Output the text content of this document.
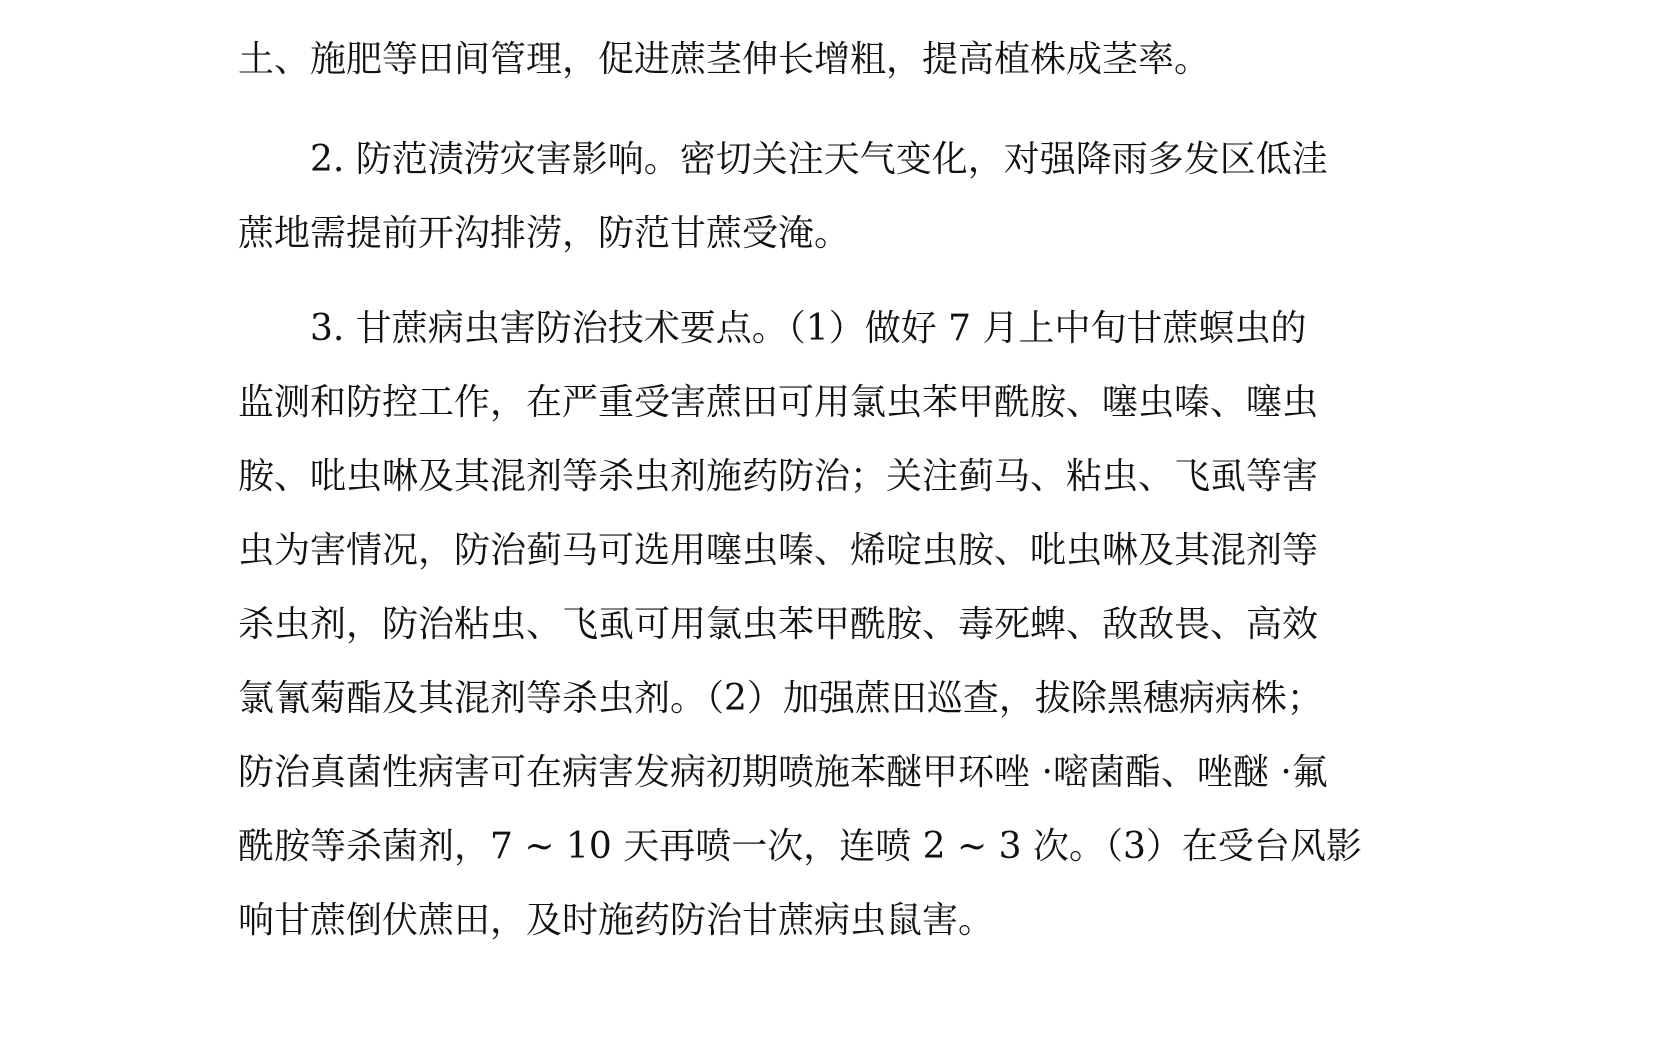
土、施肥等田间管理，促进蔗茎伸长增粗，提高植株成茎率。

2. 防范渍涝灾害影响。密切关注天气变化，对强降雨多发区低洼

蔗地需提前开沟排涝，防范甘蔗受淹。

3. 甘蔗病虫害防治技术要点。（1）做好 7 月上中旬甘蔗螟虫的

监测和防控工作，在严重受害蔗田可用氯虫苯甲酰胺、噻虫嗪、噻虫

胺、吡虫啉及其混剂等杀虫剂施药防治；关注蓟马、粘虫、飞虱等害

虫为害情况，防治蓟马可选用噻虫嗪、烯啶虫胺、吡虫啉及其混剂等

杀虫剂，防治粘虫、飞虱可用氯虫苯甲酰胺、毒死蜱、敌敌畏、高效

氯氰菊酯及其混剂等杀虫剂。（2）加强蔗田巡查，拔除黑穗病病株；

防治真菌性病害可在病害发病初期喷施苯醚甲环唑 ·嘧菌酯、唑醚 ·氟

酰胺等杀菌剂，7 ~ 10 天再喷一次，连喷 2 ~ 3 次。（3）在受台风影

响甘蔗倒伏蔗田，及时施药防治甘蔗病虫鼠害。
